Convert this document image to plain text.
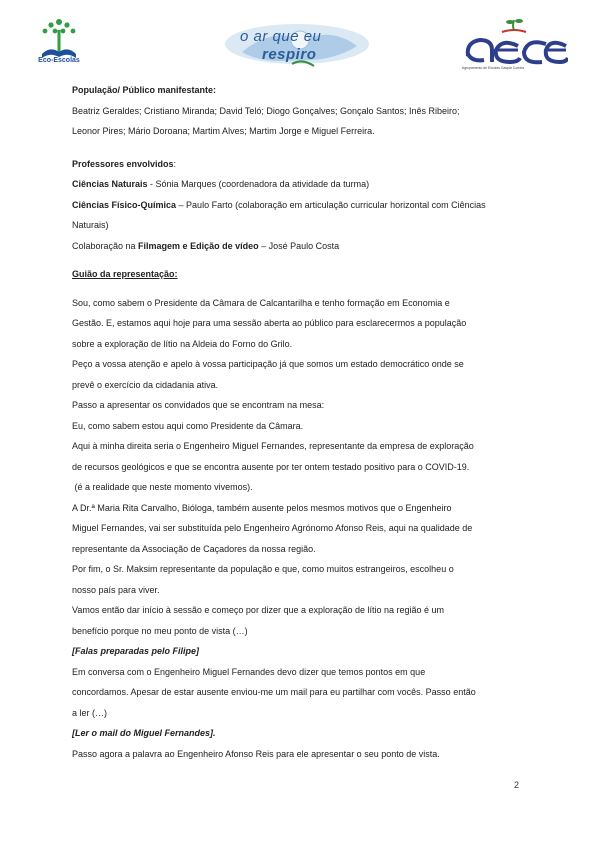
Eco-Escolas
o ar que eu
respiro
Agrupamento de Escolas Gaspar Correia

População/ Público manifestante:

Beatriz Geraldes; Cristiano Miranda; David Teló; Diogo Gonçalves; Gonçalo Santos; Inês Ribeiro;

Leonor Pires; Mário Doroana; Martim Alves; Martim Jorge e Miguel Ferreira.

Professores envolvidos:

Ciências Naturais - Sónia Marques (coordenadora da atividade da turma)

Ciências Físico-Química – Paulo Farto (colaboração em articulação curricular horizontal com Ciências

Naturais)

Colaboração na Filmagem e Edição de vídeo – José Paulo Costa

Guião da representação:

Sou, como sabem o Presidente da Câmara de Calcantarilha e tenho formação em Economia e

Gestão. E, estamos aqui hoje para uma sessão aberta ao público para esclarecermos a população

sobre a exploração de lítio na Aldeia do Forno do Grilo.

Peço a vossa atenção e apelo à vossa participação já que somos um estado democrático onde se

prevê o exercício da cidadania ativa.

Passo a apresentar os convidados que se encontram na mesa:

Eu, como sabem estou aqui como Presidente da Câmara.

Aqui à minha direita seria o Engenheiro Miguel Fernandes, representante da empresa de exploração

de recursos geológicos e que se encontra ausente por ter ontem testado positivo para o COVID-19.

(é a realidade que neste momento vivemos).

A Dr.ª Maria Rita Carvalho, Bióloga, também ausente pelos mesmos motivos que o Engenheiro

Miguel Fernandes, vai ser substituída pelo Engenheiro Agrónomo Afonso Reis, aqui na qualidade de

representante da Associação de Caçadores da nossa região.

Por fim, o Sr. Maksim representante da população e que, como muitos estrangeiros, escolheu o

nosso país para viver.

Vamos então dar início à sessão e começo por dizer que a exploração de lítio na região é um

benefício porque no meu ponto de vista (…)

[Falas preparadas pelo Filipe]

Em conversa com o Engenheiro Miguel Fernandes devo dizer que temos pontos em que

concordamos. Apesar de estar ausente enviou-me um mail para eu partilhar com vocês. Passo então

a ler (…)

[Ler o mail do Miguel Fernandes].

Passo agora a palavra ao Engenheiro Afonso Reis para ele apresentar o seu ponto de vista.

2
